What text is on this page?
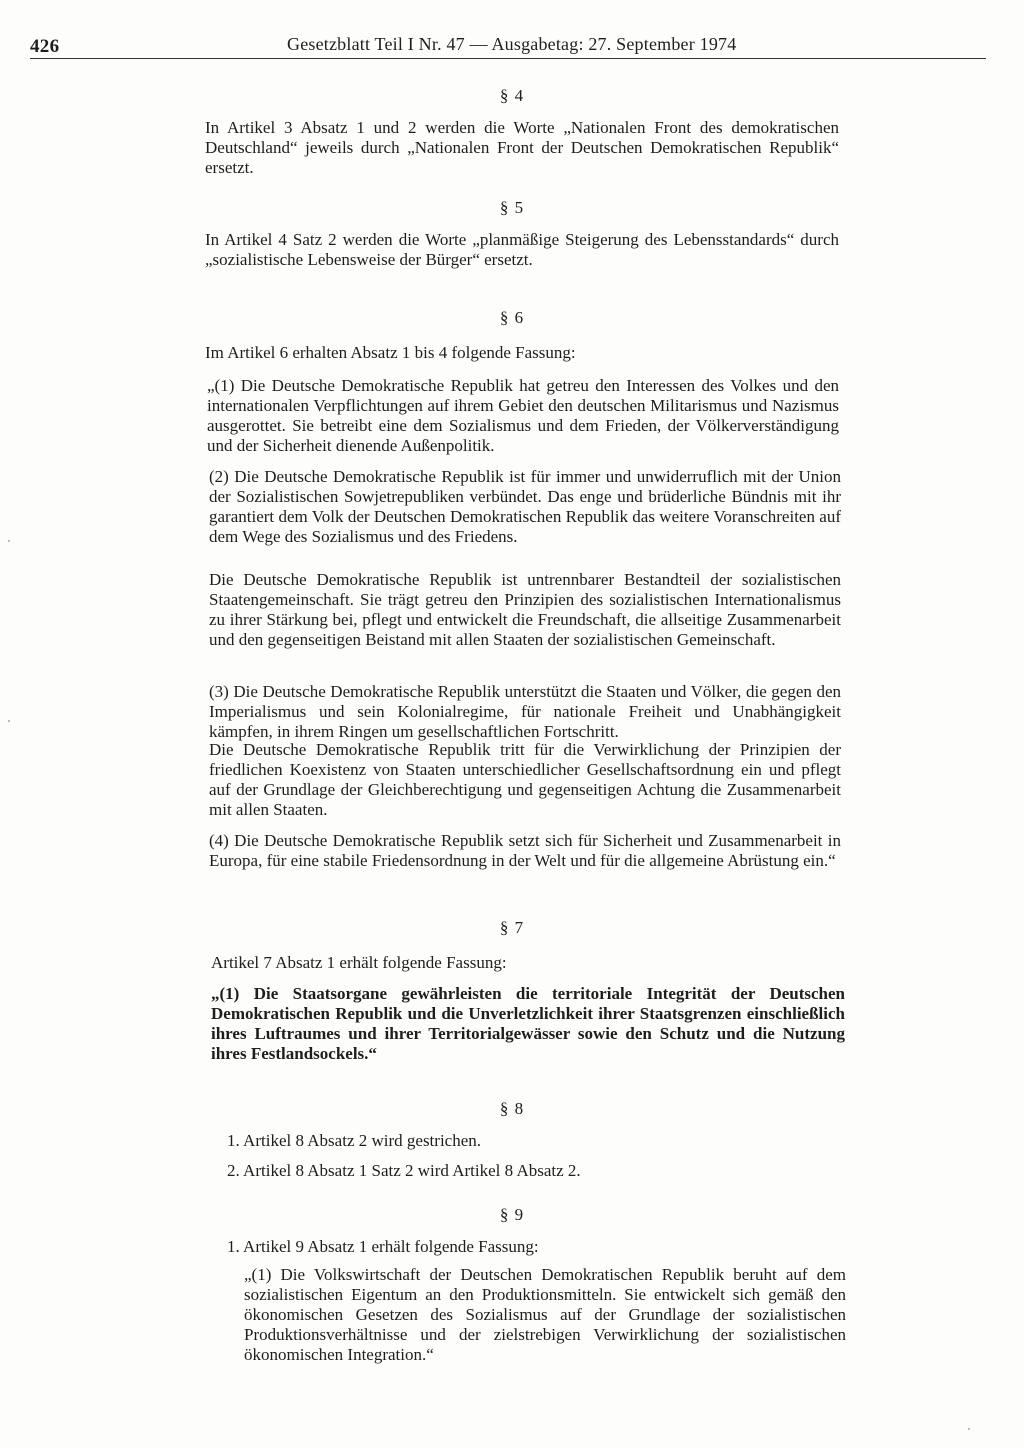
426	Gesetzblatt Teil I Nr. 47 — Ausgabetag: 27. September 1974
§ 4

In Artikel 3 Absatz 1 und 2 werden die Worte „Nationalen Front des demokratischen Deutschland“ jeweils durch „Nationalen Front der Deutschen Demokratischen Republik“ ersetzt.

§ 5

In Artikel 4 Satz 2 werden die Worte „planmäßige Steigerung des Lebensstandards“ durch „sozialistische Lebensweise der Bürger“ ersetzt.

§ 6

Im Artikel 6 erhalten Absatz 1 bis 4 folgende Fassung:

„(1) Die Deutsche Demokratische Republik hat getreu den Interessen des Volkes und den internationalen Verpflichtungen auf ihrem Gebiet den deutschen Militarismus und Nazismus ausgerottet. Sie betreibt eine dem Sozialismus und dem Frieden, der Völkerverständigung und der Sicherheit dienende Außenpolitik.

(2) Die Deutsche Demokratische Republik ist für immer und unwiderruflich mit der Union der Sozialistischen Sowjetrepubliken verbündet. Das enge und brüderliche Bündnis mit ihr garantiert dem Volk der Deutschen Demokratischen Republik das weitere Voranschreiten auf dem Wege des Sozialismus und des Friedens.

Die Deutsche Demokratische Republik ist untrennbarer Bestandteil der sozialistischen Staatengemeinschaft. Sie trägt getreu den Prinzipien des sozialistischen Internationalismus zu ihrer Stärkung bei, pflegt und entwickelt die Freundschaft, die allseitige Zusammenarbeit und den gegenseitigen Beistand mit allen Staaten der sozialistischen Gemeinschaft.

(3) Die Deutsche Demokratische Republik unterstützt die Staaten und Völker, die gegen den Imperialismus und sein Kolonialregime, für nationale Freiheit und Unabhängigkeit kämpfen, in ihrem Ringen um gesellschaftlichen Fortschritt.

Die Deutsche Demokratische Republik tritt für die Verwirklichung der Prinzipien der friedlichen Koexistenz von Staaten unterschiedlicher Gesellschaftsordnung ein und pflegt auf der Grundlage der Gleichberechtigung und gegenseitigen Achtung die Zusammenarbeit mit allen Staaten.

(4) Die Deutsche Demokratische Republik setzt sich für Sicherheit und Zusammenarbeit in Europa, für eine stabile Friedensordnung in der Welt und für die allgemeine Abrüstung ein.“

§ 7

Artikel 7 Absatz 1 erhält folgende Fassung:

„(1) Die Staatsorgane gewährleisten die territoriale Integrität der Deutschen Demokratischen Republik und die Unverletzlichkeit ihrer Staatsgrenzen einschließlich ihres Luftraumes und ihrer Territorialgewässer sowie den Schutz und die Nutzung ihres Festlandsockels.“

§ 8

1. Artikel 8 Absatz 2 wird gestrichen.

2. Artikel 8 Absatz 1 Satz 2 wird Artikel 8 Absatz 2.

§ 9

1. Artikel 9 Absatz 1 erhält folgende Fassung:

„(1) Die Volkswirtschaft der Deutschen Demokratischen Republik beruht auf dem sozialistischen Eigentum an den Produktionsmitteln. Sie entwickelt sich gemäß den ökonomischen Gesetzen des Sozialismus auf der Grundlage der sozialistischen Produktionsverhältnisse und der zielstrebigen Verwirklichung der sozialistischen ökonomischen Integration.“
